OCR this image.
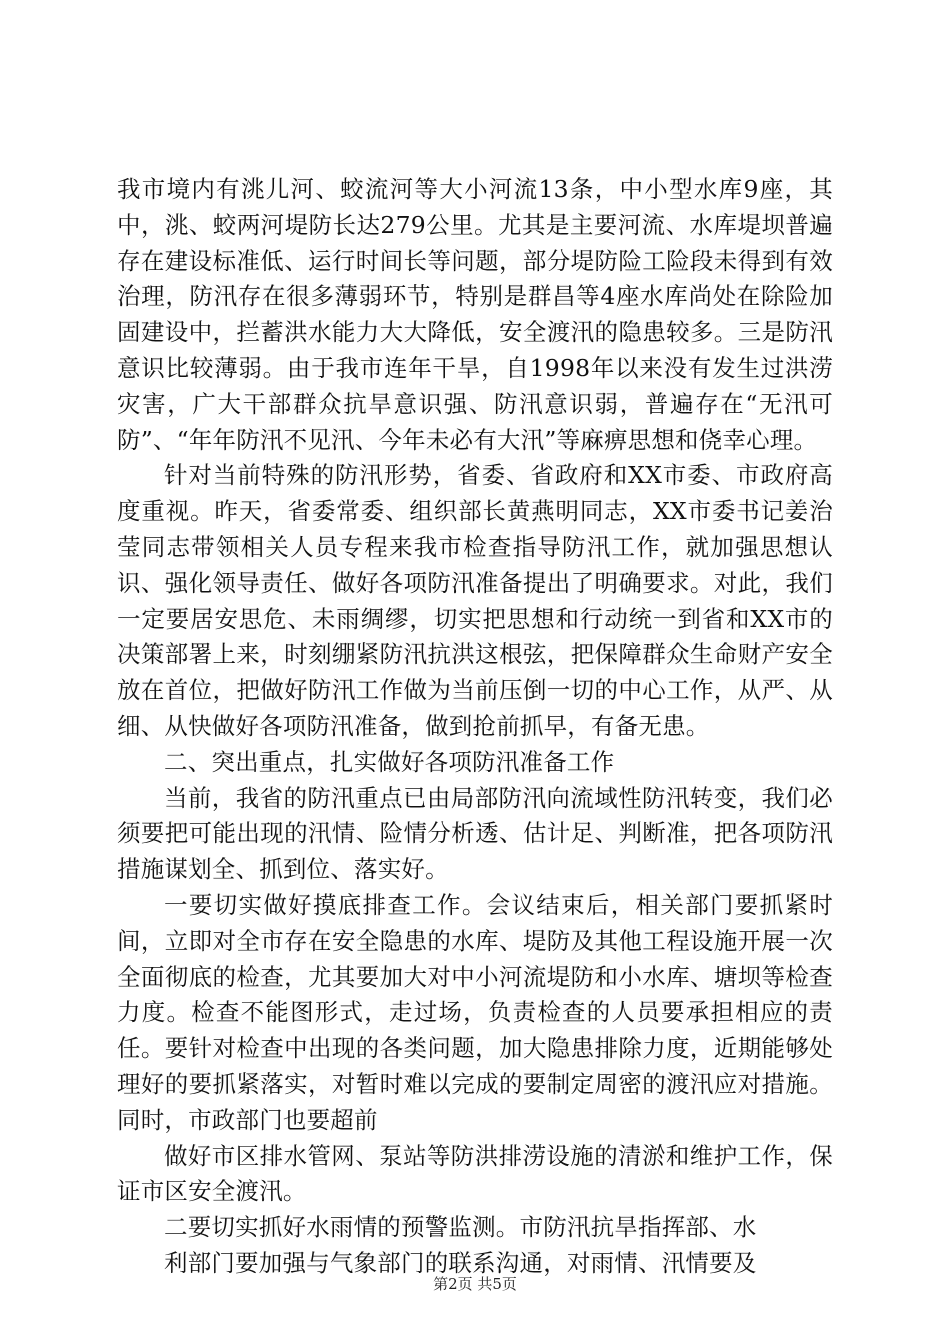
我市境内有洮儿河、蛟流河等大小河流13条，中小型水库9座，其中，洮、蛟两河堤防长达279公里。尤其是主要河流、水库堤坝普遍存在建设标准低、运行时间长等问题，部分堤防险工险段未得到有效治理，防汛存在很多薄弱环节，特别是群昌等4座水库尚处在除险加固建设中，拦蓄洪水能力大大降低，安全渡汛的隐患较多。三是防汛意识比较薄弱。由于我市连年干旱，自1998年以来没有发生过洪涝灾害，广大干部群众抗旱意识强、防汛意识弱，普遍存在“无汛可防”、“年年防汛不见汛、今年未必有大汛”等麻痹思想和侥幸心理。

针对当前特殊的防汛形势，省委、省政府和XX市委、市政府高度重视。昨天，省委常委、组织部长黄燕明同志，XX市委书记姜治莹同志带领相关人员专程来我市检查指导防汛工作，就加强思想认识、强化领导责任、做好各项防汛准备提出了明确要求。对此，我们一定要居安思危、未雨绸缪，切实把思想和行动统一到省和XX市的决策部署上来，时刻绷紧防汛抗洪这根弦，把保障群众生命财产安全放在首位，把做好防汛工作做为当前压倒一切的中心工作，从严、从细、从快做好各项防汛准备，做到抢前抓早，有备无患。

二、突出重点，扎实做好各项防汛准备工作

当前，我省的防汛重点已由局部防汛向流域性防汛转变，我们必须要把可能出现的汛情、险情分析透、估计足、判断准，把各项防汛措施谋划全、抓到位、落实好。

一要切实做好摸底排查工作。会议结束后，相关部门要抓紧时间，立即对全市存在安全隐患的水库、堤防及其他工程设施开展一次全面彻底的检查，尤其要加大对中小河流堤防和小水库、塘坝等检查力度。检查不能图形式，走过场，负责检查的人员要承担相应的责任。要针对检查中出现的各类问题，加大隐患排除力度，近期能够处理好的要抓紧落实，对暂时难以完成的要制定周密的渡汛应对措施。同时，市政部门也要超前

做好市区排水管网、泵站等防洪排涝设施的清淤和维护工作，保证市区安全渡汛。

二要切实抓好水雨情的预警监测。市防汛抗旱指挥部、水

利部门要加强与气象部门的联系沟通，对雨情、汛情要及

第2页 共5页
